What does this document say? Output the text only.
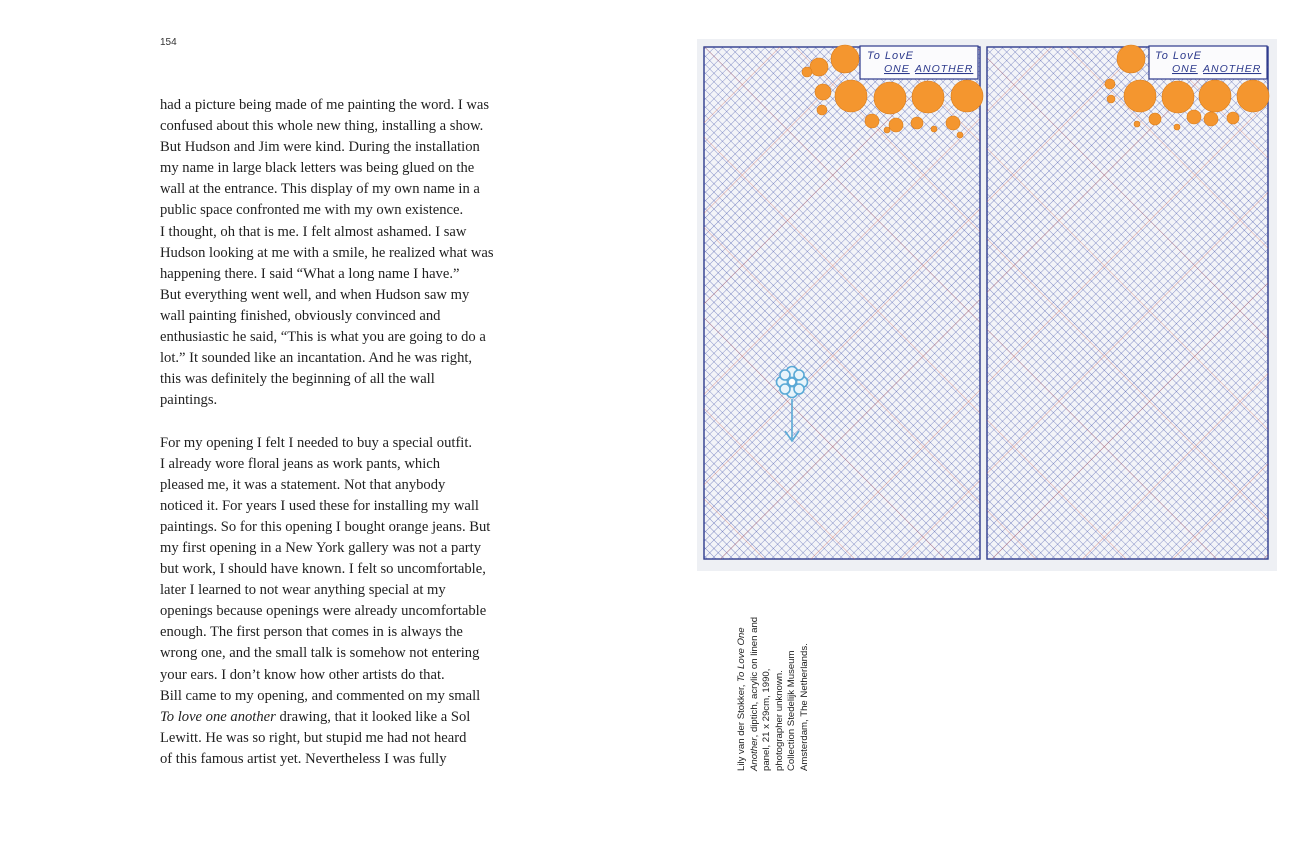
154
had a picture being made of me painting the word. I was
confused about this whole new thing, installing a show.
But Hudson and Jim were kind. During the installation
my name in large black letters was being glued on the
wall at the entrance. This display of my own name in a
public space confronted me with my own existence.
I thought, oh that is me. I felt almost ashamed. I saw
Hudson looking at me with a smile, he realized what was
happening there. I said “What a long name I have.”
But everything went well, and when Hudson saw my
wall painting finished, obviously convinced and
enthusiastic he said, “This is what you are going to do a
lot.” It sounded like an incantation. And he was right,
this was definitely the beginning of all the wall
paintings.
For my opening I felt I needed to buy a special outfit.
I already wore floral jeans as work pants, which
pleased me, it was a statement. Not that anybody
noticed it. For years I used these for installing my wall
paintings. So for this opening I bought orange jeans. But
my first opening in a New York gallery was not a party
but work, I should have known. I felt so uncomfortable,
later I learned to not wear anything special at my
openings because openings were already uncomfortable
enough. The first person that comes in is always the
wrong one, and the small talk is somehow not entering
your ears. I don’t know how other artists do that.
Bill came to my opening, and commented on my small
To love one another drawing, that it looked like a Sol
Lewitt. He was so right, but stupid me had not heard
of this famous artist yet. Nevertheless I was fully
To LovE
ONE ANOTHER
To LovE
ONE ANOTHER
Lily van der Stokker, To Love One
Another, diptich, acrylic on linen and panel, 21 x 29cm, 1990, photographer unknown. Collection Stedelijk Museum Amsterdam, The Netherlands.
